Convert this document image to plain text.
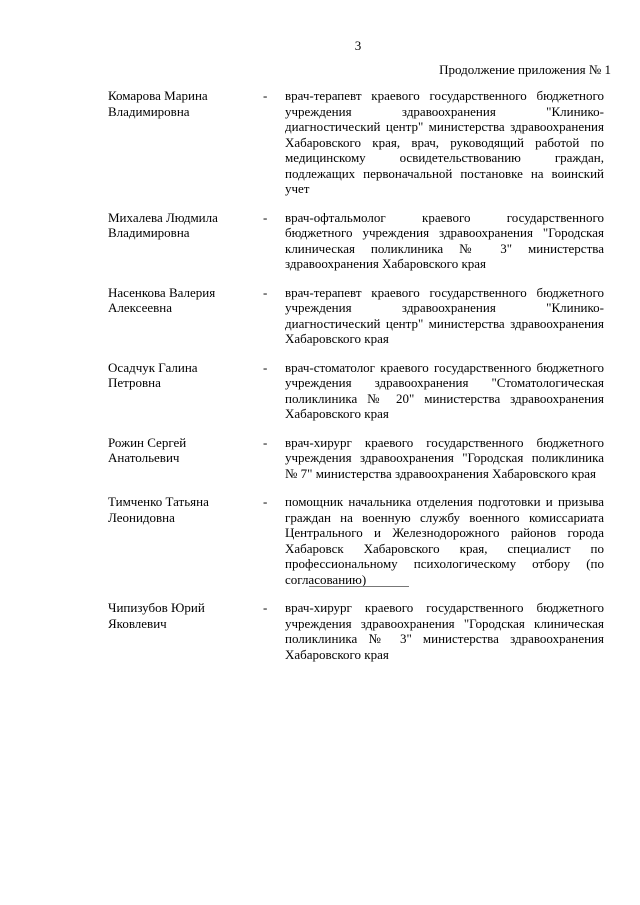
3
Продолжение приложения № 1
Комарова Марина
Владимировна
-	врач-терапевт краевого государственного бюджетного учреждения здравоохранения "Клинико-диагностический центр" министерства здравоохранения Хабаровского края, врач, руководящий работой по медицинскому освидетельствованию граждан, подлежащих первоначальной постановке на воинский учет
Михалева Людмила
Владимировна
-	врач-офтальмолог краевого государственного бюджетного учреждения здравоохранения "Городская клиническая поликлиника № 3" министерства здравоохранения Хабаровского края
Насенкова Валерия
Алексеевна
-	врач-терапевт краевого государственного бюджетного учреждения здравоохранения "Клинико-диагностический центр" министерства здравоохранения Хабаровского края
Осадчук Галина
Петровна
-	врач-стоматолог краевого государственного бюджетного учреждения здравоохранения "Стоматологическая поликлиника № 20" министерства здравоохранения Хабаровского края
Рожин Сергей
Анатольевич
-	врач-хирург краевого государственного бюджетного учреждения здравоохранения "Городская поликлиника № 7" министерства здравоохранения Хабаровского края
Тимченко Татьяна
Леонидовна
-	помощник начальника отделения подготовки и призыва граждан на военную службу военного комиссариата Центрального и Железнодорожного районов города Хабаровск Хабаровского края, специалист по профессиональному психологическому отбору (по согласованию)
Чипизубов Юрий
Яковлевич
-	врач-хирург краевого государственного бюджетного учреждения здравоохранения "Городская клиническая поликлиника № 3" министерства здравоохранения Хабаровского края
